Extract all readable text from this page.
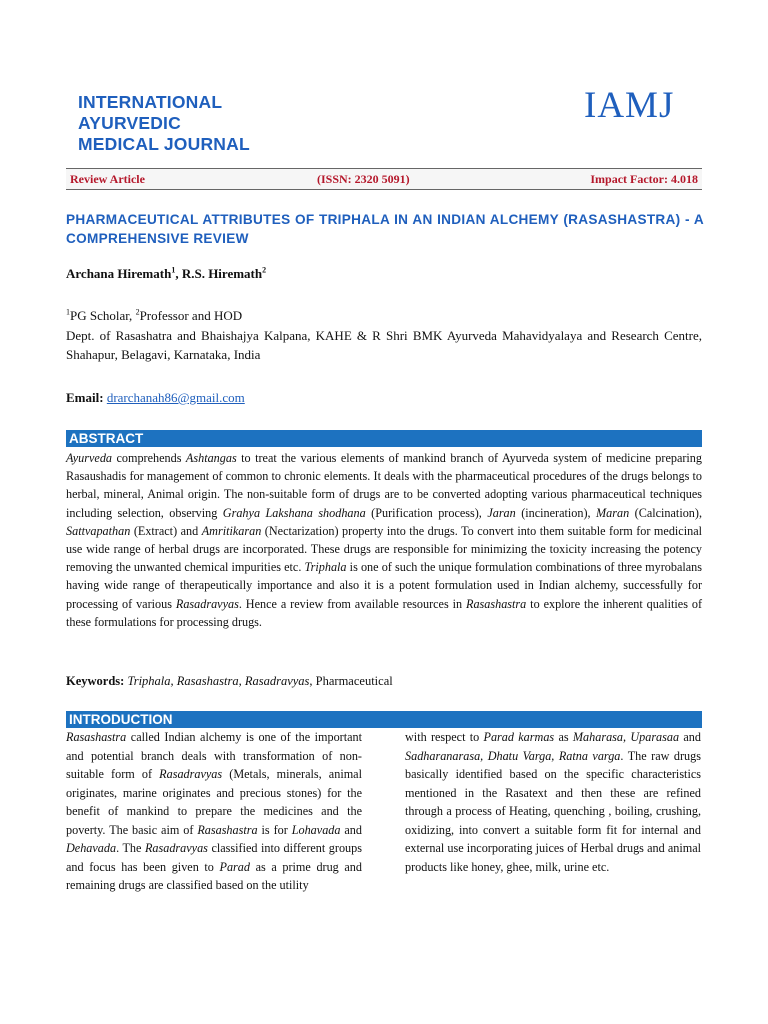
INTERNATIONAL
AYURVEDIC
MEDICAL JOURNAL
IAMJ
Review Article	(ISSN: 2320 5091)	Impact Factor: 4.018
PHARMACEUTICAL ATTRIBUTES OF TRIPHALA IN AN INDIAN ALCHEMY (RASASHASTRA) - A COMPREHENSIVE REVIEW
Archana Hiremath$^1$, R.S. Hiremath$^2$
$^1$PG Scholar, $^2$Professor and HOD
Dept. of Rasashatra and Bhaishajya Kalpana, KAHE & R Shri BMK Ayurveda Mahavidyalaya and Research Centre, Shahapur, Belagavi, Karnataka, India
Email: drarchanah86@gmail.com
ABSTRACT
Ayurveda comprehends Ashtangas to treat the various elements of mankind branch of Ayurveda system of medicine preparing Rasaushadis for management of common to chronic elements. It deals with the pharmaceutical procedures of the drugs belongs to herbal, mineral, Animal origin. The non-suitable form of drugs are to be converted adopting various pharmaceutical techniques including selection, observing Grahya Lakshana shodhana (Purification process), Jaran (incineration), Maran (Calcination), Sattvapathan (Extract) and Amritikaran (Nectarization) property into the drugs. To convert into them suitable form for medicinal use wide range of herbal drugs are incorporated. These drugs are responsible for minimizing the toxicity increasing the potency removing the unwanted chemical impurities etc. Triphala is one of such the unique formulation combinations of three myrobalans having wide range of therapeutically importance and also it is a potent formulation used in Indian alchemy, successfully for processing of various Rasadravyas. Hence a review from available resources in Rasashastra to explore the inherent qualities of these formulations for processing drugs.
Keywords: Triphala, Rasashastra, Rasadravyas, Pharmaceutical
INTRODUCTION
Rasashastra called Indian alchemy is one of the important and potential branch deals with transformation of non-suitable form of Rasadravyas (Metals, minerals, animal originates, marine originates and precious stones) for the benefit of mankind to prepare the medicines and the poverty. The basic aim of Rasashastra is for Lohavada and Dehavada. The Rasadravyas classified into different groups and focus has been given to Parad as a prime drug and remaining drugs are classified based on the utility
with respect to Parad karmas as Maharasa, Uparasaa and Sadharanarasa, Dhatu Varga, Ratna varga. The raw drugs basically identified based on the specific characteristics mentioned in the Rasatext and then these are refined through a process of Heating, quenching , boiling, crushing, oxidizing, into convert a suitable form fit for internal and external use incorporating juices of Herbal drugs and animal products like honey, ghee, milk, urine etc.
